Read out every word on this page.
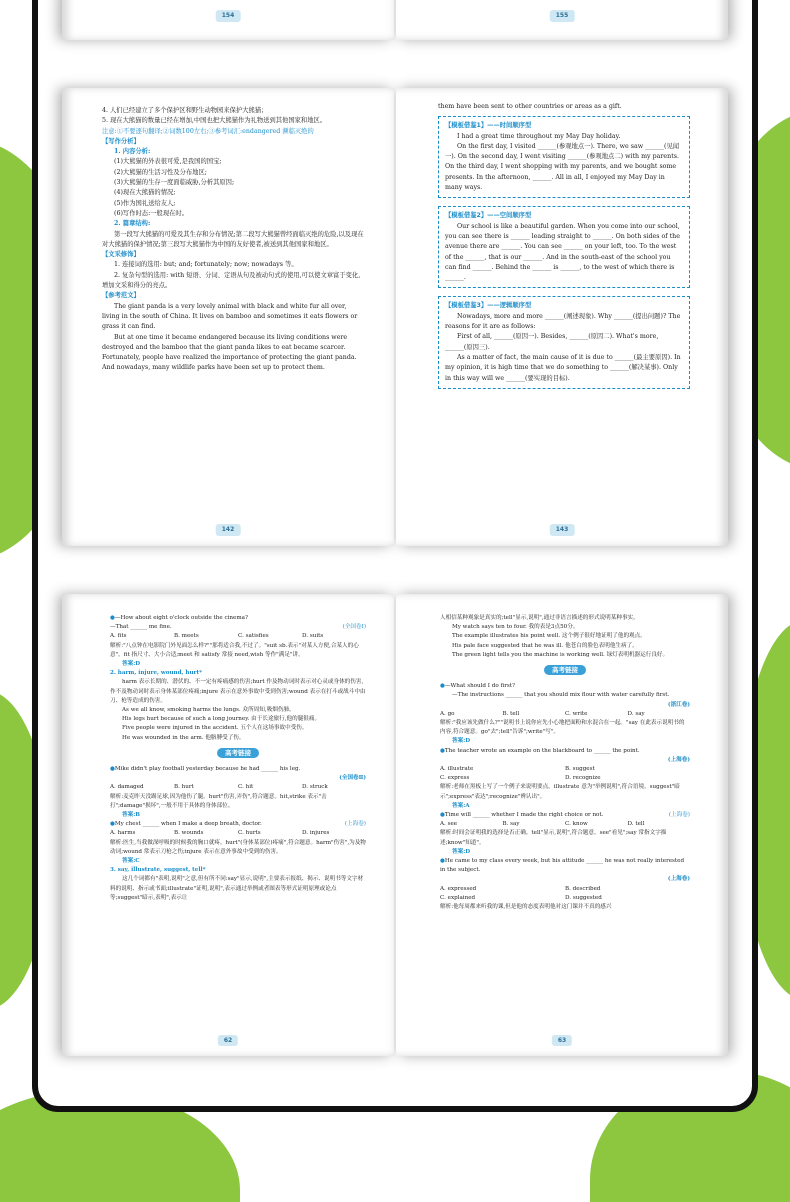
154	155
4. 人们已经建立了多个保护区和野生动物园来保护大熊猫；
5. 现在大熊猫的数量已经在增加,中国也把大熊猫作为礼物送到其他国家和地区。
注意:①不要逐句翻译;②词数100左右;③参考词汇:endangered 濒临灭绝的
【写作分析】
1. 内容分析:
(1)大熊猫的外表很可爱,是我国的国宝;
(2)大熊猫的生活习性及分布地区;
(3)大熊猫的生存一度面临威胁,分析其原因;
(4)现在大熊猫的情况;
(5)作为国礼送给友人;
(6)写作时态:一般现在时。
2. 篇章结构:
第一段写大熊猫的可爱及其生存和分布情况;第二段写大熊猫曾经面临灭绝的危险,以及现在对大熊猫的保护情况;第三段写大熊猫作为中国的友好使者,被送到其他国家和地区。
【文采修饰】
1. 连接词的选用: but; and; fortunately; now; nowadays 等。
2. 复杂句型的选用: with 短语、分词、定语从句及被动句式的使用,可以使文章富于变化,增加文采和得分的亮点。
【参考范文】
The giant panda is a very lovely animal with black and white fur all over, living in the south of China. It lives on bamboo and sometimes it eats flowers or grass it can find.
But at one time it became endangered because its living conditions were destroyed and the bamboo that the giant panda likes to eat became scarcer. Fortunately, people have realized the importance of protecting the giant panda. And nowadays, many wildlife parks have been set up to protect them.
142
them have been sent to other countries or areas as a gift.
【模板借鉴1】——时间顺序型
I had a great time throughout my May Day holiday.
On the first day, I visited ______(参观地点一). There, we saw ______(见闻一). On the second day, I went visiting ______(参观地点二) with my parents. On the third day, I went shopping with my parents, and we bought some presents. In the afternoon, ______. All in all, I enjoyed my May Day in many ways.
【模板借鉴2】——空间顺序型
Our school is like a beautiful garden. When you come into our school, you can see there is ______ leading straight to ______. On both sides of the avenue there are ______. You can see ______ on your left, too. To the west of the ______, that is our ______. And in the south-east of the school you can find ______. Behind the ______ is ______, to the west of which there is ______.
【模板借鉴3】——逻辑顺序型
Nowadays, more and more ______(阐述现象). Why ______(提出问题)? The reasons for it are as follows:
First of all, ______(原因一). Besides, ______(原因二). What's more, ______(原因三).
As a matter of fact, the main cause of it is due to ______(最主要原因). In my opinion, it is high time that we do something to ______(解决某事). Only in this way will we ______(要实现的目标).
143
●—How about eight o'clock outside the cinema?
(全国卷Ⅰ)
—That ______ me fine.
A. fits	B. meets	C. satisfies	D. suits
解析:"八点钟在电影院门外见面怎么样?""那将适合我,不过了。"suit sb.表示"对某人方便,合某人的心意"。fit 指尺寸、大小合适;meet 和 satisfy 常接 need,wish 等作"满足"讲。
答案:D
2. harm, injure, wound, hurt*
harm 表示长期的、潜伏的、不一定有疼痛感的伤害;hurt 作及物动词时表示对心灵或身体的伤害,作不及物动词时表示身体某部位疼痛;injure 表示在意外事故中受到伤害;wound 表示在打斗或战斗中由刀、枪等造成的伤害。
As we all know, smoking harms the lungs. 众所周知,吸烟伤肺。
His legs hurt because of such a long journey. 由于长途旅行,他的腿很痛。
Five people were injured in the accident. 五个人在这场事故中受伤。
He was wounded in the arm. 他胳膊受了伤。
高考链接
●Mike didn't play football yesterday because he had ______ his leg.
(全国卷Ⅱ)
A. damaged	B. hurt	C. hit	D. struck
解析:麦克昨天没踢足球,因为他伤了腿。hurt"伤害,弄伤",符合题意。hit,strike 表示"击打";damage"损坏",一般不用于具体的身体部位。
答案:B
(上海卷)
●My chest ______ when I make a deep breath, doctor.
A. harms	B. wounds	C. hurts	D. injures
解析:医生,当我做深呼吸的时候我的胸口就疼。hurt"(身体某部位)疼痛",符合题意。harm"伤害",为及物动词;wound 常表示刀枪之伤;injure 表示在意外事故中受到的伤害。
答案:C
3. say, illustrate, suggest, tell*
这几个词都有"表明,说明"之意,但有所不同:say"显示,说明",主要表示报纸、揭示、说明书等文字材料的说明、指示或书面;illustrate"证明,说明",表示通过举例或者图表等形式证明原理或论点等;suggest"暗示,表明",表示让
62
人相信某种观象是真实的;tell"显示,说明",通过非语言描述的形式说明某种事实。
My watch says ten to four. 我的表是3点50分。
The example illustrates his point well. 这个例子很好地证明了他的观点。
His pale face suggested that he was ill. 他苍白的脸色表明他生病了。
The green light tells you the machine is working well. 绿灯表明机器运行良好。
高考链接
●—What should I do first?
—The instructions ______ that you should mix flour with water carefully first.
(浙江卷)
A. go	B. tell	C. write	D. say
解析:"我应该先做什么?""说明书上说你应先小心地把面粉和水混合在一起。"say 在此表示说明书的内容,符合题意。go"去";tell"告诉";write"写"。
答案:D
●The teacher wrote an example on the blackboard to ______ the point.
(上海卷)
A. illustrate	B. suggest
C. express	D. recognize
解析:老师在黑板上写了一个例子来说明要点。illustrate 意为"举例说明",符合语境。suggest"暗示";express"表达";recognize"辨认出"。
答案:A
(上海卷)
●Time will ______ whether I made the right choice or not.
A. see	B. say	C. know	D. tell
解析:时间会证明我的选择是否正确。tell"显示,说明",符合题意。see"看见";say 常指文字描述;know"知道"。
答案:D
●He came to my class every week, but his attitude ______ he was not really interested in the subject.
(上海卷)
A. expressed	B. described
C. explained	D. suggested
解析:他每周都来听我的课,但是他的态度表明他对这门课并不真的感兴
63
